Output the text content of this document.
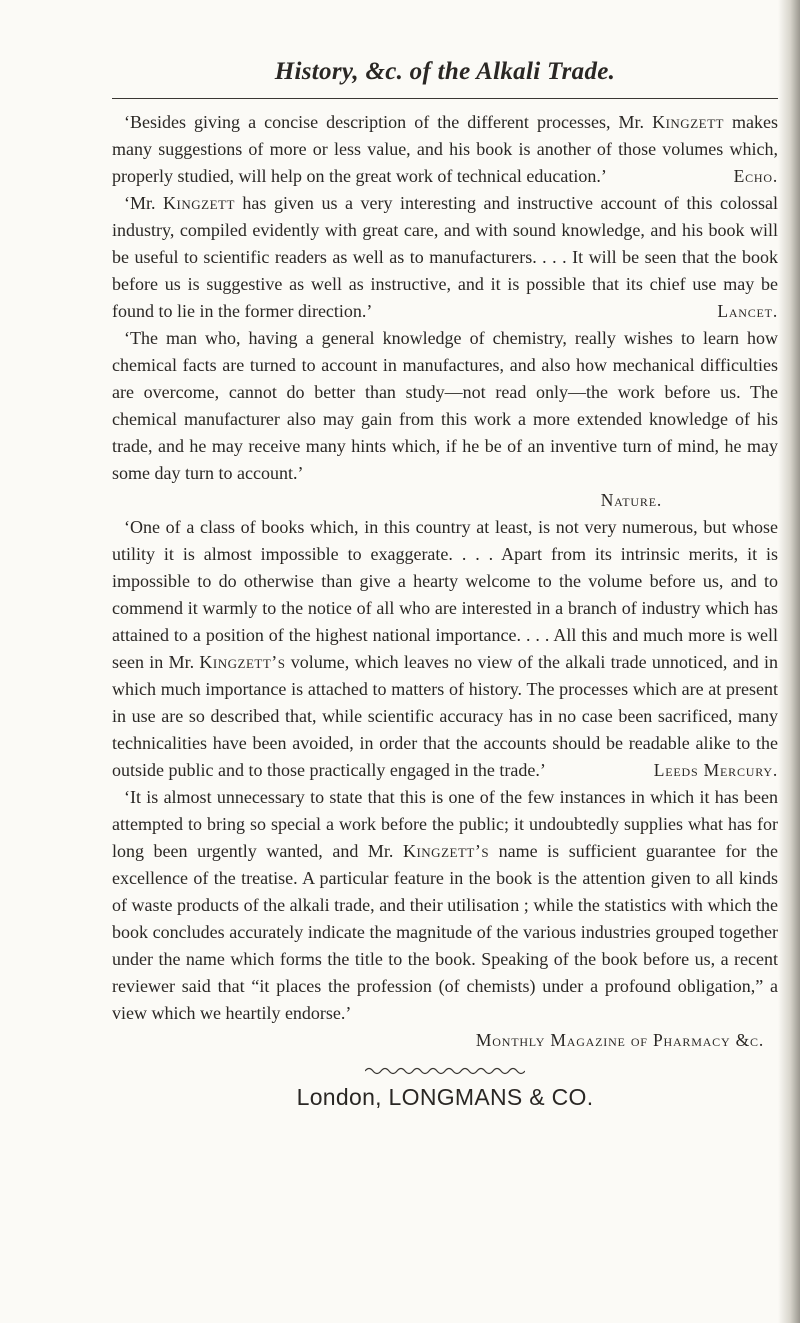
History, &c. of the Alkali Trade.

‘Besides giving a concise description of the different processes, Mr. Kingzett makes many suggestions of more or less value, and his book is another of those volumes which, properly studied, will help on the great work of technical education.’	Echo.

‘Mr. Kingzett has given us a very interesting and instructive account of this colossal industry, compiled evidently with great care, and with sound knowledge, and his book will be useful to scientific readers as well as to manufacturers. . . . It will be seen that the book before us is suggestive as well as instructive, and it is possible that its chief use may be found to lie in the former direction.’	Lancet.

‘The man who, having a general knowledge of chemistry, really wishes to learn how chemical facts are turned to account in manufactures, and also how mechanical difficulties are overcome, cannot do better than study—not read only—the work before us. The chemical manufacturer also may gain from this work a more extended knowledge of his trade, and he may receive many hints which, if he be of an inventive turn of mind, he may some day turn to account.’

Nature.

‘One of a class of books which, in this country at least, is not very numerous, but whose utility it is almost impossible to exaggerate. . . . Apart from its intrinsic merits, it is impossible to do otherwise than give a hearty welcome to the volume before us, and to commend it warmly to the notice of all who are interested in a branch of industry which has attained to a position of the highest national importance. . . . All this and much more is well seen in Mr. Kingzett’s volume, which leaves no view of the alkali trade unnoticed, and in which much importance is attached to matters of history. The processes which are at present in use are so described that, while scientific accuracy has in no case been sacrificed, many technicalities have been avoided, in order that the accounts should be readable alike to the outside public and to those practically engaged in the trade.’	Leeds Mercury.

‘It is almost unnecessary to state that this is one of the few instances in which it has been attempted to bring so special a work before the public; it undoubtedly supplies what has for long been urgently wanted, and Mr. Kingzett’s name is sufficient guarantee for the excellence of the treatise. A particular feature in the book is the attention given to all kinds of waste products of the alkali trade, and their utilisation ; while the statistics with which the book concludes accurately indicate the magnitude of the various industries grouped together under the name which forms the title to the book. Speaking of the book before us, a recent reviewer said that “it places the profession (of chemists) under a profound obligation,” a view which we heartily endorse.’

Monthly Magazine of Pharmacy &c.

London, LONGMANS & CO.
